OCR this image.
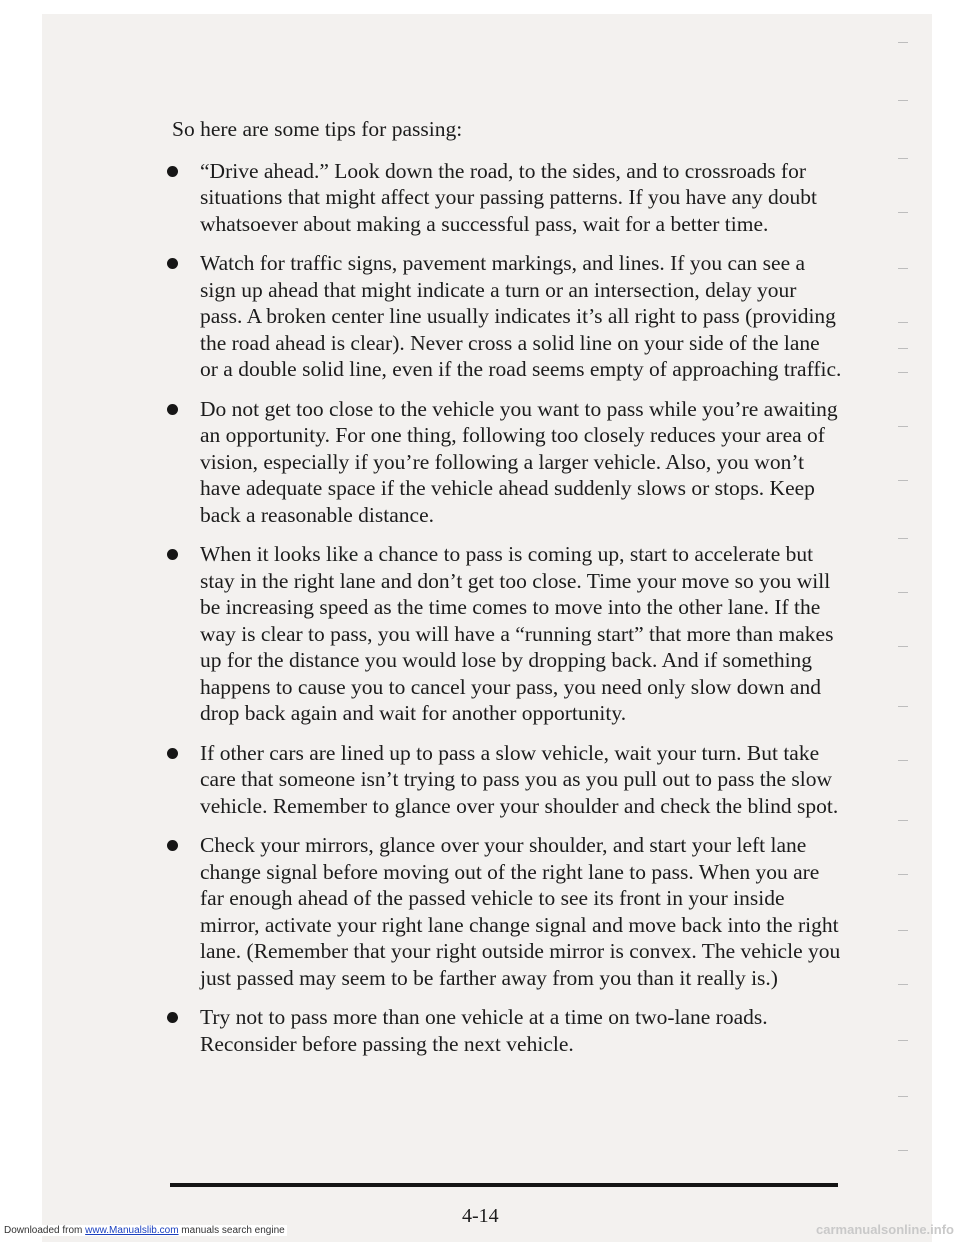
So here are some tips for passing:

“Drive ahead.” Look down the road, to the sides, and to crossroads for situations that might affect your passing patterns. If you have any doubt whatsoever about making a successful pass, wait for a better time.
Watch for traffic signs, pavement markings, and lines. If you can see a sign up ahead that might indicate a turn or an intersection, delay your pass. A broken center line usually indicates it’s all right to pass (providing the road ahead is clear). Never cross a solid line on your side of the lane or a double solid line, even if the road seems empty of approaching traffic.
Do not get too close to the vehicle you want to pass while you’re awaiting an opportunity. For one thing, following too closely reduces your area of vision, especially if you’re following a larger vehicle. Also, you won’t have adequate space if the vehicle ahead suddenly slows or stops. Keep back a reasonable distance.
When it looks like a chance to pass is coming up, start to accelerate but stay in the right lane and don’t get too close. Time your move so you will be increasing speed as the time comes to move into the other lane. If the way is clear to pass, you will have a “running start” that more than makes up for the distance you would lose by dropping back. And if something happens to cause you to cancel your pass, you need only slow down and drop back again and wait for another opportunity.
If other cars are lined up to pass a slow vehicle, wait your turn. But take care that someone isn’t trying to pass you as you pull out to pass the slow vehicle. Remember to glance over your shoulder and check the blind spot.
Check your mirrors, glance over your shoulder, and start your left lane change signal before moving out of the right lane to pass. When you are far enough ahead of the passed vehicle to see its front in your inside mirror, activate your right lane change signal and move back into the right lane. (Remember that your right outside mirror is convex. The vehicle you just passed may seem to be farther away from you than it really is.)
Try not to pass more than one vehicle at a time on two-lane roads. Reconsider before passing the next vehicle.
4-14
Downloaded from www.Manualslib.com manuals search engine	carmanualsonline.info
